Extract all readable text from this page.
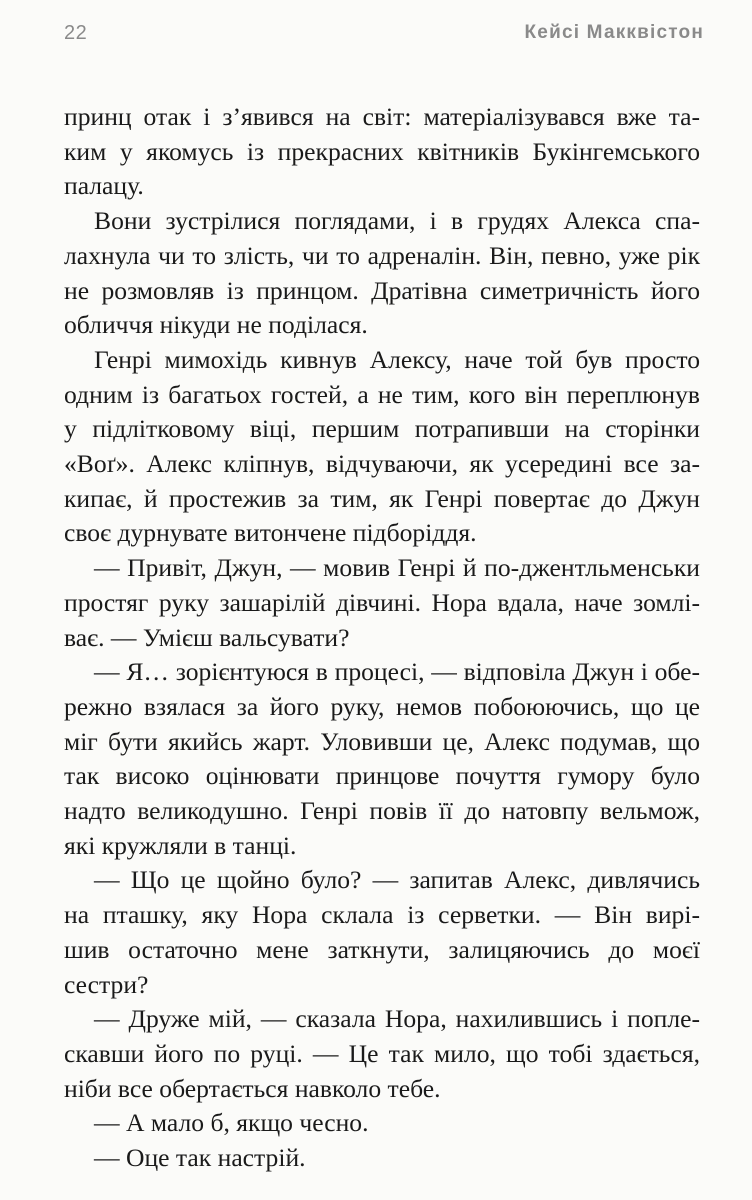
22	Кейсі Макквістон
принц отак і з’явився на світ: матеріалізувався вже та-
ким у якомусь із прекрасних квітників Букінгемського
палацу.
Вони зустрілися поглядами, і в грудях Алекса спа-
лахнула чи то злість, чи то адреналін. Він, певно, уже рік
не розмовляв із принцом. Дратівна симетричність його
обличчя нікуди не поділася.
Генрі мимохідь кивнув Алексу, наче той був просто
одним із багатьох гостей, а не тим, кого він переплюнув
у підлітковому віці, першим потрапивши на сторінки
«Воґ». Алекс кліпнув, відчуваючи, як усередині все за-
кипає, й простежив за тим, як Генрі повертає до Джун
своє дурнувате витончене підборіддя.
— Привіт, Джун, — мовив Генрі й по-джентльменськи
простяг руку зашарілій дівчині. Нора вдала, наче зомлі-
ває. — Умієш вальсувати?
— Я… зорієнтуюся в процесі, — відповіла Джун і обе-
режно взялася за його руку, немов побоюючись, що це
міг бути якийсь жарт. Уловивши це, Алекс подумав, що
так високо оцінювати принцове почуття гумору було
надто великодушно. Генрі повів її до натовпу вельмож,
які кружляли в танці.
— Що це щойно було? — запитав Алекс, дивлячись
на пташку, яку Нора склала із серветки. — Він вирі-
шив остаточно мене заткнути, залицяючись до моєї
сестри?
— Друже мій, — сказала Нора, нахилившись і попле-
скавши його по руці. — Це так мило, що тобі здається,
ніби все обертається навколо тебе.
— А мало б, якщо чесно.
— Оце так настрій.
